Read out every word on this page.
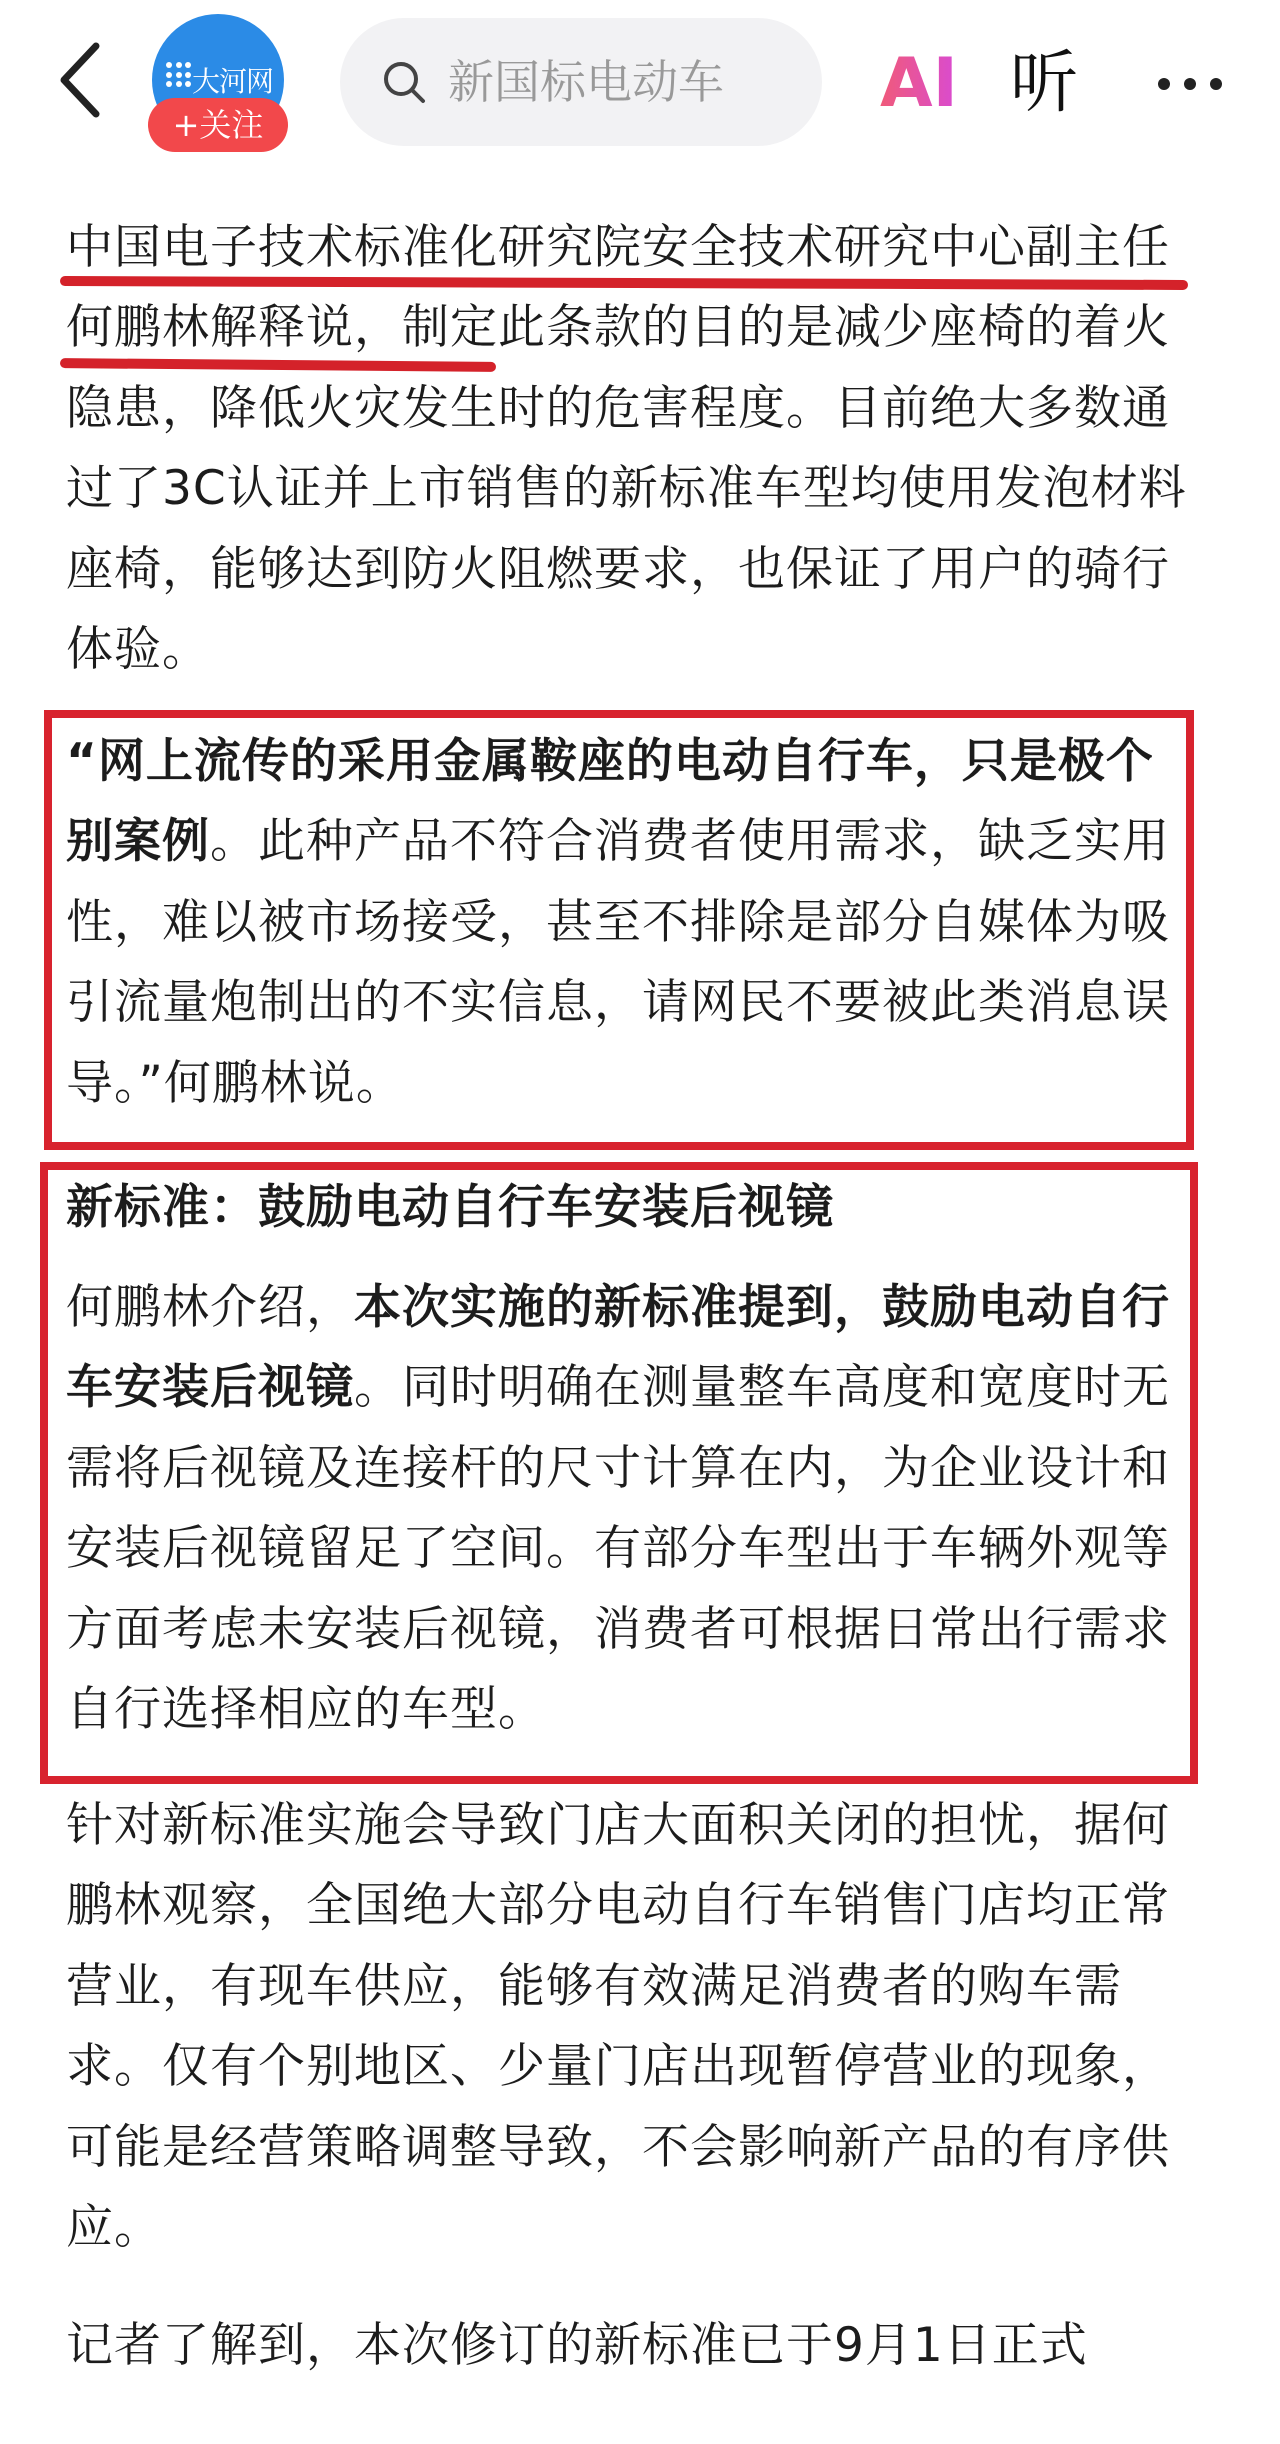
大河网
+关注
新国标电动车	AI 听
中国电子技术标准化研究院安全技术研究中心副主任何鹏林解释说，制定此条款的目的是减少座椅的着火隐患，降低火灾发生时的危害程度。目前绝大多数通过了3C认证并上市销售的新标准车型均使用发泡材料座椅，能够达到防火阻燃要求，也保证了用户的骑行体验。
“网上流传的采用金属鞍座的电动自行车，只是极个别案例。此种产品不符合消费者使用需求，缺乏实用性，难以被市场接受，甚至不排除是部分自媒体为吸引流量炮制出的不实信息，请网民不要被此类消息误导。”何鹏林说。
新标准：鼓励电动自行车安装后视镜
何鹏林介绍，本次实施的新标准提到，鼓励电动自行车安装后视镜。同时明确在测量整车高度和宽度时无需将后视镜及连接杆的尺寸计算在内，为企业设计和安装后视镜留足了空间。有部分车型出于车辆外观等方面考虑未安装后视镜，消费者可根据日常出行需求自行选择相应的车型。
针对新标准实施会导致门店大面积关闭的担忧，据何鹏林观察，全国绝大部分电动自行车销售门店均正常营业，有现车供应，能够有效满足消费者的购车需求。仅有个别地区、少量门店出现暂停营业的现象，可能是经营策略调整导致，不会影响新产品的有序供应。
记者了解到，本次修订的新标准已于9月1日正式
